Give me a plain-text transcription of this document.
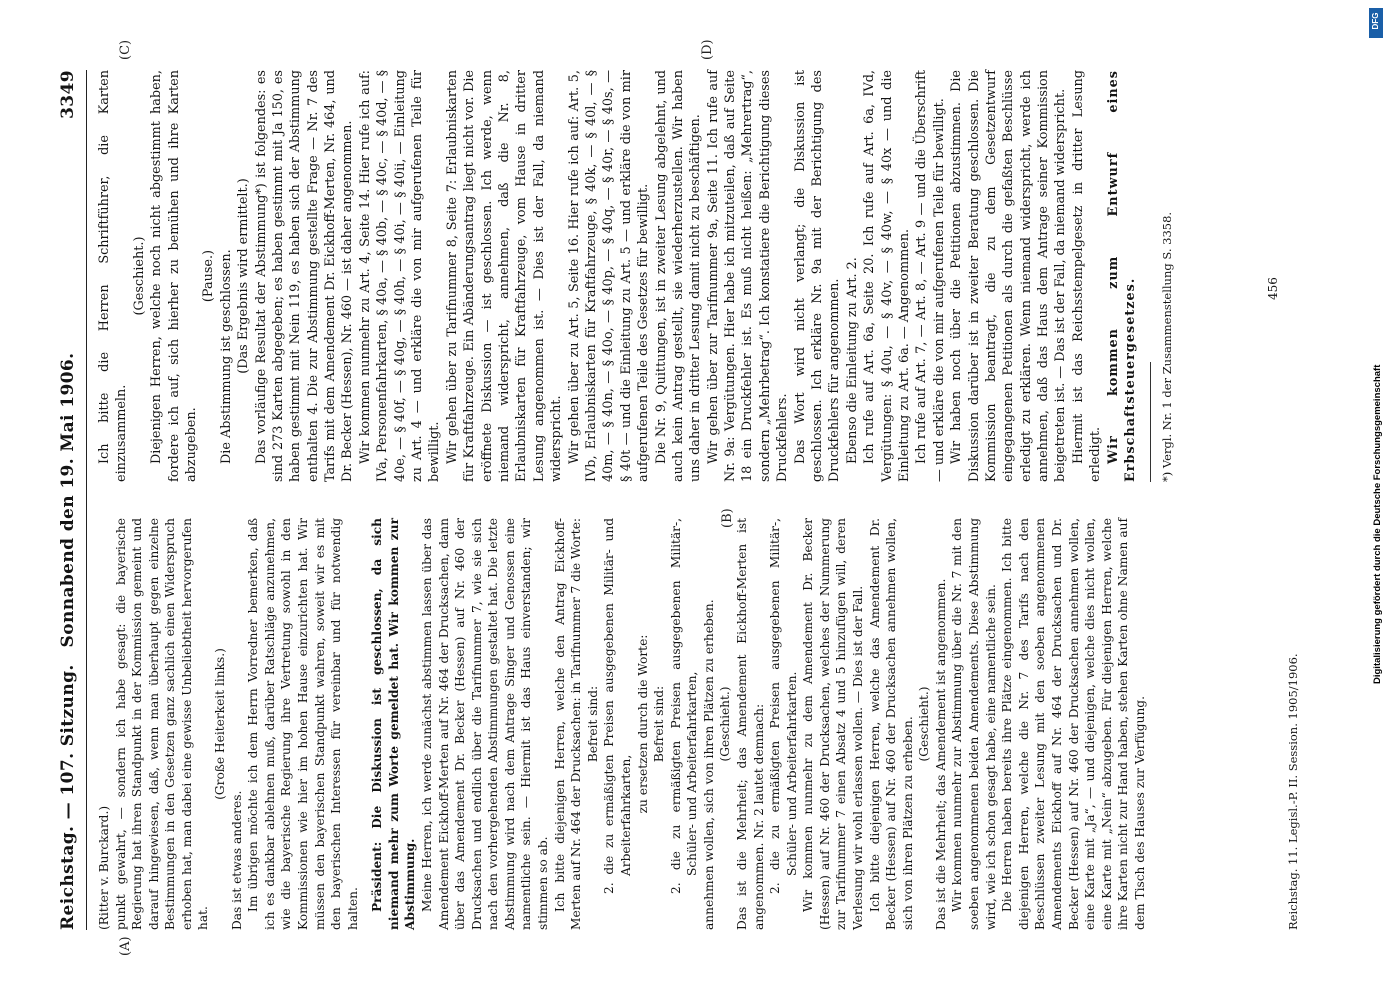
Reichstag. — 107. Sitzung.
Sonnabend den 19. Mai 1906.
3349
(A)
(B)
(C)	(D)

(Ritter v. Burckard.) punkt gewahrt, — sondern ich habe gesagt: die bayerische Regierung hat ihren Standpunkt in der Kommission gemeint und darauf hingewiesen, daß, wenn man überhaupt gegen einzelne Bestimmungen in den Gesetzen ganz sachlich einen Widerspruch erhoben hat, man dabei eine gewisse Unbeliebtheit hervorgerufen hat.

(Große Heiterkeit links.)

Das ist etwas anderes. Im übrigen möchte ich dem Herrn Vorredner bemerken, daß ich es dankbar ablehnen muß, darüber Ratschläge anzunehmen, wie die bayerische Regierung ihre Vertretung sowohl in den Kommissionen wie hier im hohen Hause einzurichten hat. Wir müssen den bayerischen Standpunkt wahren, soweit wir es mit den bayerischen Interessen für vereinbar und für notwendig halten. Präsident: Die Diskussion ist geschlossen, da sich niemand mehr zum Worte gemeldet hat. Wir kommen zur Abstimmung. Meine Herren, ich werde zunächst abstimmen lassen über das Amendement Eickhoff-Merten auf Nr. 464 der Drucksachen, dann über das Amendement Dr. Becker (Hessen) auf Nr. 460 der Drucksachen und endlich über die Tarifnummer 7, wie sie sich nach den vorhergehenden Abstimmungen gestaltet hat. Die letzte Abstimmung wird nach dem Antrage Singer und Genossen eine namentliche sein. — Hiermit ist das Haus einverstanden; wir stimmen so ab. Ich bitte diejenigen Herren, welche den Antrag Eickhoff-Merten auf Nr. 464 der Drucksachen: in Tarifnummer 7 die Worte: Befreit sind: 2. die zu ermäßigten Preisen ausgegebenen Militär- und Arbeiterfahrkarten,

zu ersetzen durch die Worte: Befreit sind: 2. die zu ermäßigten Preisen ausgegebenen Militär-, Schüler- und Arbeiterfahrkarten, annehmen wollen, sich von ihren Plätzen zu erheben. (Geschieht.) Das ist die Mehrheit; das Amendement Eickhoff-Merten ist angenommen. Nr. 2 lautet demnach: 2. die zu ermäßigten Preisen ausgegebenen Militär-, Schüler- und Arbeiterfahrkarten. Wir kommen nunmehr zu dem Amendement Dr. Becker (Hessen) auf Nr. 460 der Drucksachen, welches der Nummerung zur Tarifnummer 7 einen Absatz 4 und 5 hinzufügen will, deren Verlesung wir wohl erlassen wollen. — Dies ist der Fall. Ich bitte diejenigen Herren, welche das Amendement Dr. Becker (Hessen) auf Nr. 460 der Drucksachen annehmen wollen, sich von ihren Plätzen zu erheben. (Geschieht.) Das ist die Mehrheit; das Amendement ist angenommen. Wir kommen nunmehr zur Abstimmung über die Nr. 7 mit den soeben angenommenen beiden Amendements. Diese Abstimmung wird, wie ich schon gesagt habe, eine namentliche sein. Die Herren haben bereits ihre Plätze eingenommen. Ich bitte diejenigen Herren, welche die Nr. 7 des Tarifs nach den Beschlüssen zweiter Lesung mit den soeben angenommenen Amendements Eickhoff auf Nr. 464 der Drucksachen und Dr. Becker (Hessen) auf Nr. 460 der Drucksachen annehmen wollen, eine Karte mit „Ja“, — und diejenigen, welche dies nicht wollen, eine Karte mit „Nein“ abzugeben. Für diejenigen Herren, welche ihre Karten nicht zur Hand haben, stehen Karten ohne Namen auf dem Tisch des Hauses zur Verfügung.

Ich bitte die Herren Schriftführer, die Karten einzusammeln.

(Geschieht.) Diejenigen Herren, welche noch nicht abgestimmt haben, fordere ich auf, sich hierher zu bemühen und ihre Karten abzugeben.

(Pause.) Die Abstimmung ist geschlossen. (Das Ergebnis wird ermittelt.) Das vorläufige Resultat der Abstimmung*) ist folgendes: es sind 273 Karten abgegeben; es haben gestimmt mit Ja 150, es haben gestimmt mit Nein 119, es haben sich der Abstimmung enthalten 4. Die zur Abstimmung gestellte Frage — Nr. 7 des Tarifs mit dem Amendement Dr. Eickhoff-Merten, Nr. 464, und Dr. Becker (Hessen), Nr. 460 — ist daher angenommen. Wir kommen nunmehr zu Art. 4, Seite 14. Hier rufe ich auf: IVa, Personenfahrkarten, § 40a, — § 40b, — § 40c, — § 40d, — § 40e, — § 40f, — § 40g, — § 40h, — § 40i, — § 40ii, — Einleitung zu Art. 4 — und erkläre die von mir aufgerufenen Teile für bewilligt. Wir gehen über zu Tarifnummer 8, Seite 7: Erlaubniskarten für Kraftfahrzeuge. Ein Abänderungsantrag liegt nicht vor. Die eröffnete Diskussion — ist geschlossen. Ich werde, wenn niemand widerspricht, annehmen, daß die Nr. 8, Erlaubniskarten für Kraftfahrzeuge, vom Hause in dritter Lesung angenommen ist. — Dies ist der Fall, da niemand widerspricht. Wir gehen über zu Art. 5, Seite 16. Hier rufe ich auf: Art. 5, IVb, Erlaubniskarten für Kraftfahrzeuge, § 40k, — § 40l, — § 40m, — § 40n, — § 40o, — § 40p, — § 40q, — § 40r, — § 40s, — § 40t — und die Einleitung zu Art. 5 — und erkläre die von mir aufgerufenen Teile des Gesetzes für bewilligt. Die Nr. 9, Quittungen, ist in zweiter Lesung abgelehnt, und auch kein Antrag gestellt, sie wiederherzustellen. Wir haben uns daher in dritter Lesung damit nicht zu beschäftigen. Wir gehen über zur Tarifnummer 9a, Seite 11. Ich rufe auf Nr. 9a: Vergütungen. Hier habe ich mitzuteilen, daß auf Seite 18 ein Druckfehler ist. Es muß nicht heißen: „Mehrertrag“, sondern „Mehrbetrag“. Ich konstatiere die Berichtigung dieses Druckfehlers. Das Wort wird nicht verlangt; die Diskussion ist geschlossen. Ich erkläre Nr. 9a mit der Berichtigung des Druckfehlers für angenommen. Ebenso die Einleitung zu Art. 2. Ich rufe auf Art. 6a, Seite 20. Ich rufe auf Art. 6a, IVd, Vergütungen: § 40u, — § 40v, — § 40w, — § 40x — und die Einleitung zu Art. 6a. — Angenommen. Ich rufe auf Art. 7, — Art. 8, — Art. 9 — und die Überschrift — und erkläre die von mir aufgerufenen Teile für bewilligt. Wir haben noch über die Petitionen abzustimmen. Die Diskussion darüber ist in zweiter Beratung geschlossen. Die Kommission beantragt, die zu dem Gesetzentwurf eingegangenen Petitionen als durch die gefaßten Beschlüsse erledigt zu erklären. Wenn niemand widerspricht, werde ich annehmen, daß das Haus dem Antrage seiner Kommission beigetreten ist. — Das ist der Fall, da niemand widerspricht. Hiermit ist das Reichsstempelgesetz in dritter Lesung erledigt. Wir kommen zum Entwurf eines Erbschaftsteuergesetzes. *) Vergl. Nr. 1 der Zusammenstellung S. 3358.
Reichstag. 11. Legisl.-P. II. Session. 1905/1906.
456
DFG
Digitalisierung gefördert durch die Deutsche Forschungsgemeinschaft
